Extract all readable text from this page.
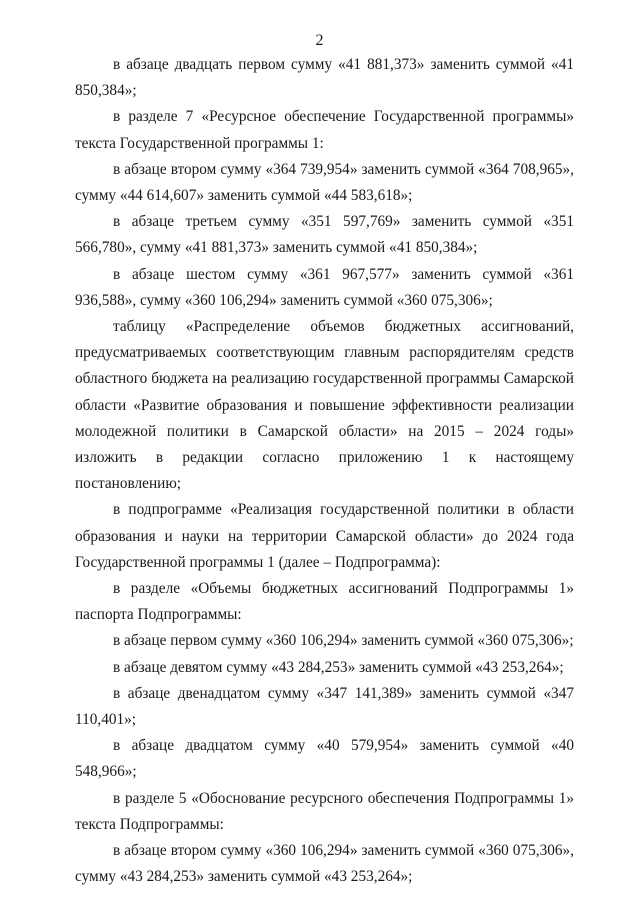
2

в абзаце двадцать первом сумму «41 881,373» заменить суммой «41 850,384»;

в разделе 7 «Ресурсное обеспечение Государственной программы» текста Государственной программы 1:

в абзаце втором сумму «364 739,954» заменить суммой «364 708,965», сумму «44 614,607» заменить суммой «44 583,618»;

в абзаце третьем сумму «351 597,769» заменить суммой «351 566,780», сумму «41 881,373» заменить суммой «41 850,384»;

в абзаце шестом сумму «361 967,577» заменить суммой «361 936,588», сумму «360 106,294» заменить суммой «360 075,306»;

таблицу «Распределение объемов бюджетных ассигнований, предусматриваемых соответствующим главным распорядителям средств областного бюджета на реализацию государственной программы Самарской области «Развитие образования и повышение эффективности реализации молодежной политики в Самарской области» на 2015 – 2024 годы» изложить в редакции согласно приложению 1 к настоящему постановлению;

в подпрограмме «Реализация государственной политики в области образования и науки на территории Самарской области» до 2024 года Государственной программы 1 (далее – Подпрограмма):

в разделе «Объемы бюджетных ассигнований Подпрограммы 1» паспорта Подпрограммы:

в абзаце первом сумму «360 106,294» заменить суммой «360 075,306»;

в абзаце девятом сумму «43 284,253» заменить суммой «43 253,264»;

в абзаце двенадцатом сумму «347 141,389» заменить суммой «347 110,401»;

в абзаце двадцатом сумму «40 579,954» заменить суммой «40 548,966»;

в разделе 5 «Обоснование ресурсного обеспечения Подпрограммы 1» текста Подпрограммы:

в абзаце втором сумму «360 106,294» заменить суммой «360 075,306», сумму «43 284,253» заменить суммой «43 253,264»;
